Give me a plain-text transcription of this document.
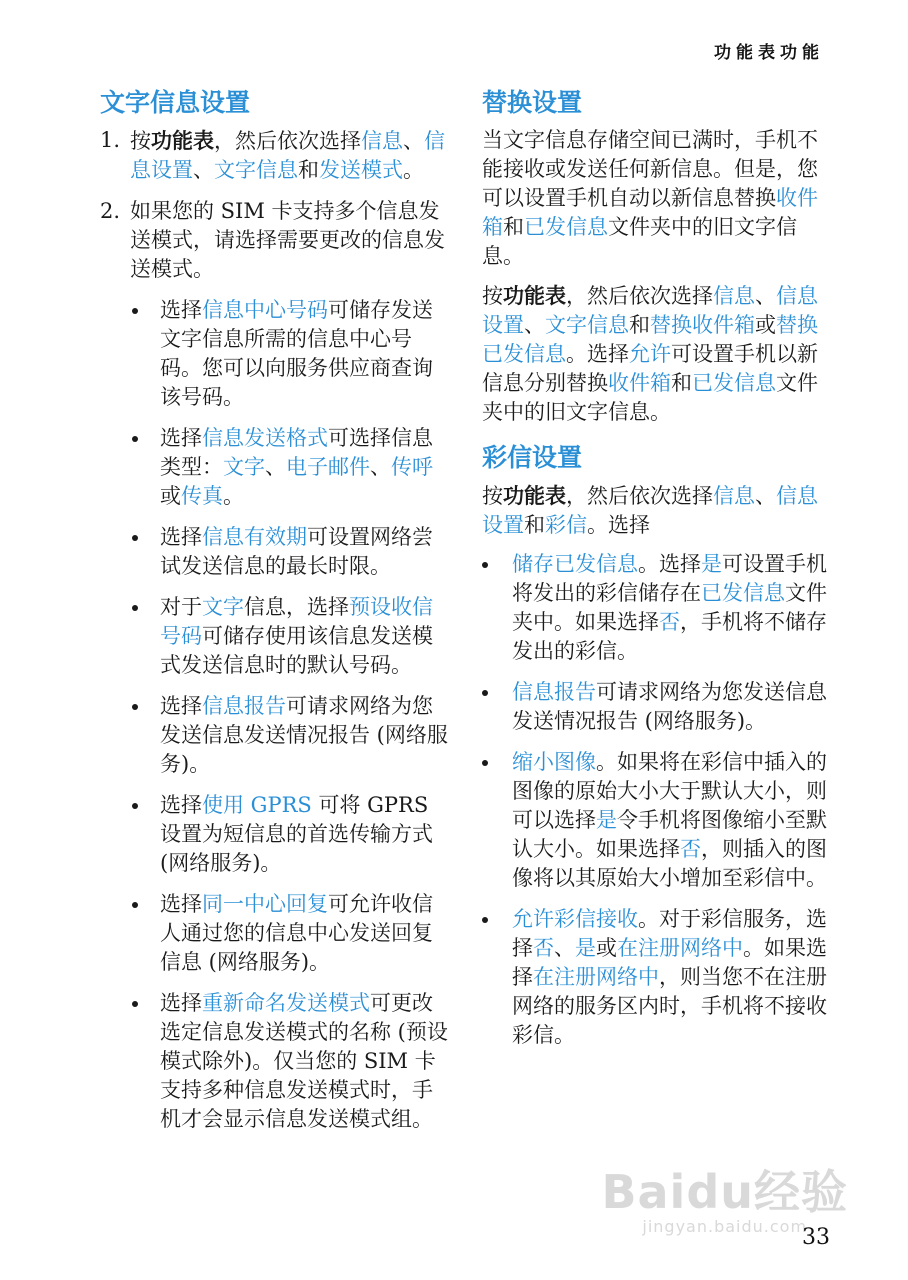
功能表功能
文字信息设置
1. 按功能表，然后依次选择信息、信息设置、文字信息和发送模式。

2. 如果您的 SIM 卡支持多个信息发送模式，请选择需要更改的信息发送模式。

选择信息中心号码可储存发送文字信息所需的信息中心号码。您可以向服务供应商查询该号码。

选择信息发送格式可选择信息类型：文字、电子邮件、传呼或传真。

选择信息有效期可设置网络尝试发送信息的最长时限。

对于文字信息，选择预设收信号码可储存使用该信息发送模式发送信息时的默认号码。

选择信息报告可请求网络为您发送信息发送情况报告 (网络服务)。

选择使用 GPRS 可将 GPRS 设置为短信息的首选传输方式 (网络服务)。

选择同一中心回复可允许收信人通过您的信息中心发送回复信息 (网络服务)。

选择重新命名发送模式可更改选定信息发送模式的名称 (预设模式除外)。仅当您的 SIM 卡支持多种信息发送模式时，手机才会显示信息发送模式组。

替换设置

当文字信息存储空间已满时，手机不能接收或发送任何新信息。但是，您可以设置手机自动以新信息替换收件箱和已发信息文件夹中的旧文字信息。

按功能表，然后依次选择信息、信息设置、文字信息和替换收件箱或替换已发信息。选择允许可设置手机以新信息分别替换收件箱和已发信息文件夹中的旧文字信息。

彩信设置

按功能表，然后依次选择信息、信息设置和彩信。选择

储存已发信息。选择是可设置手机将发出的彩信储存在已发信息文件夹中。如果选择否，手机将不储存发出的彩信。

信息报告可请求网络为您发送信息发送情况报告 (网络服务)。

缩小图像。如果将在彩信中插入的图像的原始大小大于默认大小，则可以选择是令手机将图像缩小至默认大小。如果选择否，则插入的图像将以其原始大小增加至彩信中。

允许彩信接收。对于彩信服务，选择否、是或在注册网络中。如果选择在注册网络中，则当您不在注册网络的服务区内时，手机将不接收彩信。

Baidu经验
jingyan.baidu.com
33
